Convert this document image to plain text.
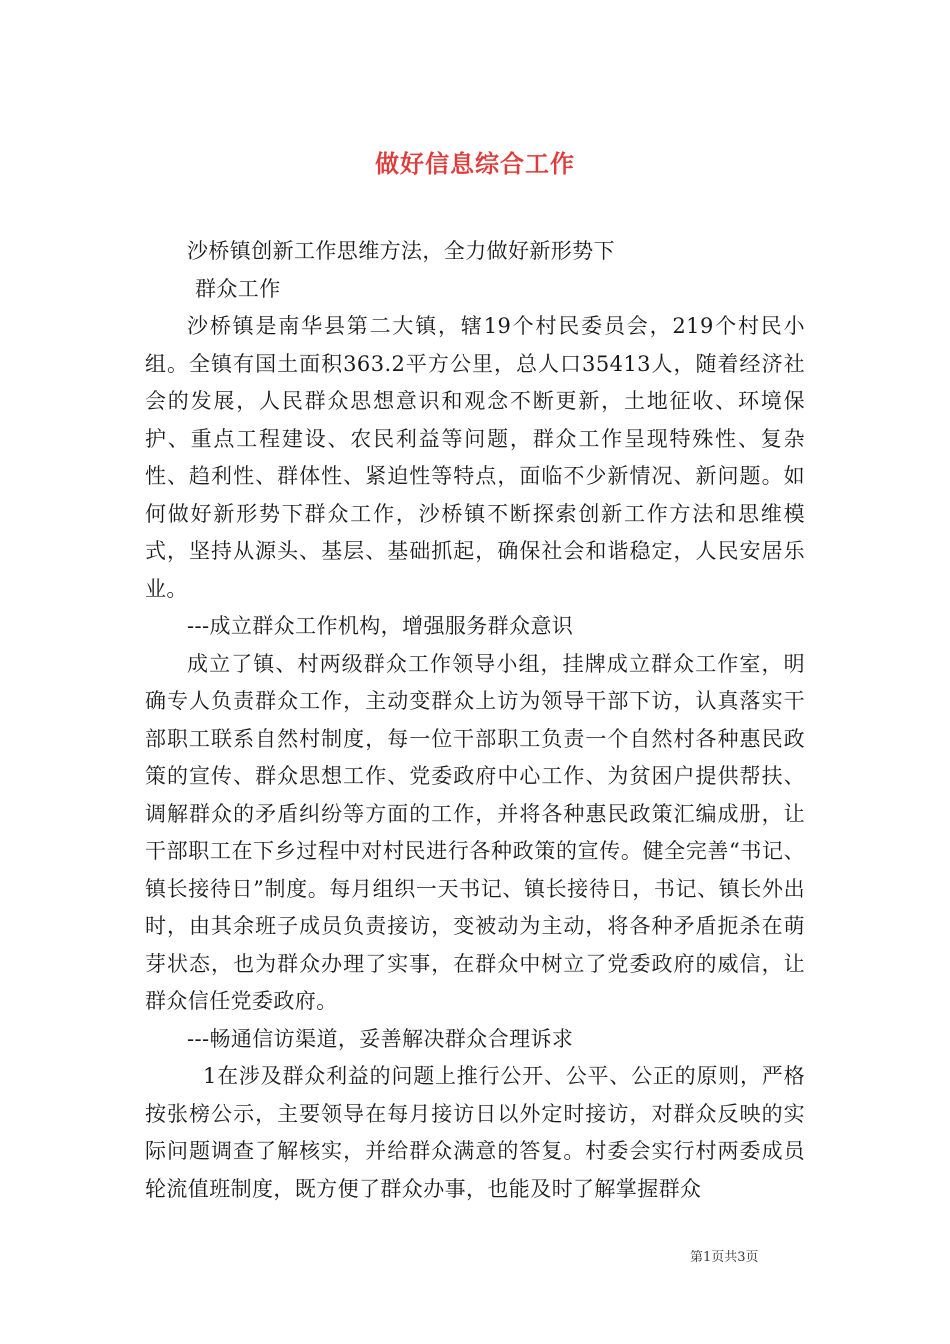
做好信息综合工作

沙桥镇创新工作思维方法，全力做好新形势下

群众工作

沙桥镇是南华县第二大镇，辖19个村民委员会，219个村民小组。全镇有国土面积363.2平方公里，总人口35413人，随着经济社会的发展，人民群众思想意识和观念不断更新，土地征收、环境保护、重点工程建设、农民利益等问题，群众工作呈现特殊性、复杂性、趋利性、群体性、紧迫性等特点，面临不少新情况、新问题。如何做好新形势下群众工作，沙桥镇不断探索创新工作方法和思维模式，坚持从源头、基层、基础抓起，确保社会和谐稳定，人民安居乐业。

---成立群众工作机构，增强服务群众意识

成立了镇、村两级群众工作领导小组，挂牌成立群众工作室，明确专人负责群众工作，主动变群众上访为领导干部下访，认真落实干部职工联系自然村制度，每一位干部职工负责一个自然村各种惠民政策的宣传、群众思想工作、党委政府中心工作、为贫困户提供帮扶、调解群众的矛盾纠纷等方面的工作，并将各种惠民政策汇编成册，让干部职工在下乡过程中对村民进行各种政策的宣传。健全完善“书记、镇长接待日”制度。每月组织一天书记、镇长接待日，书记、镇长外出时，由其余班子成员负责接访，变被动为主动，将各种矛盾扼杀在萌芽状态，也为群众办理了实事，在群众中树立了党委政府的威信，让群众信任党委政府。

---畅通信访渠道，妥善解决群众合理诉求

1在涉及群众利益的问题上推行公开、公平、公正的原则，严格按张榜公示，主要领导在每月接访日以外定时接访，对群众反映的实际问题调查了解核实，并给群众满意的答复。村委会实行村两委成员轮流值班制度，既方便了群众办事，也能及时了解掌握群众

第1页共3页
